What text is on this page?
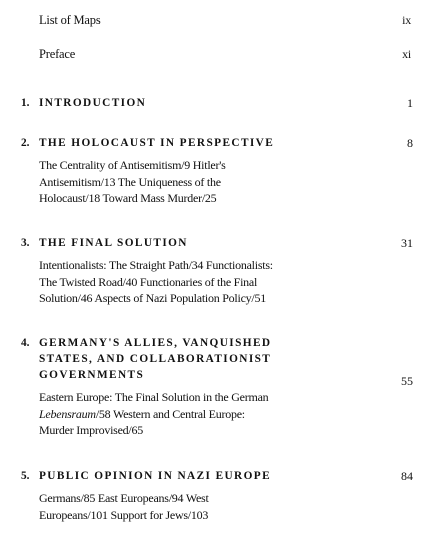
List of Maps	ix
Preface	xi
1. INTRODUCTION	1
2. THE HOLOCAUST IN PERSPECTIVE	8
The Centrality of Antisemitism/9 Hitler's
Antisemitism/13 The Uniqueness of the
Holocaust/18 Toward Mass Murder/25
3. THE FINAL SOLUTION	31
Intentionalists: The Straight Path/34 Functionalists:
The Twisted Road/40 Functionaries of the Final
Solution/46 Aspects of Nazi Population Policy/51
4. GERMANY'S ALLIES, VANQUISHED
STATES, AND COLLABORATIONIST
GOVERNMENTS	55
Eastern Europe: The Final Solution in the German
Lebensraum/58 Western and Central Europe:
Murder Improvised/65
5. PUBLIC OPINION IN NAZI EUROPE	84
Germans/85 East Europeans/94 West
Europeans/101 Support for Jews/103
